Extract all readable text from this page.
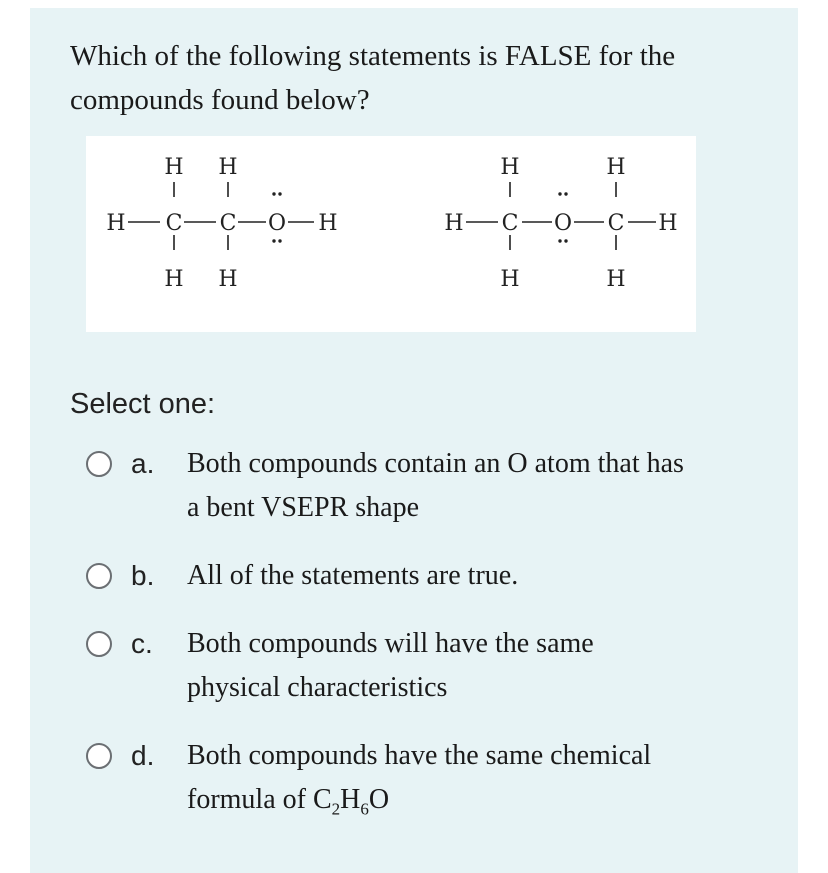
Which of the following statements is FALSE for the
compounds found below?
H H
H C C O H
H H
H	H
H C O C H
H	H
Select one:
a. Both compounds contain an O atom that has
a bent VSEPR shape
b. All of the statements are true.
c. Both compounds will have the same
physical characteristics
d. Both compounds have the same chemical
formula of $C_2H_6O$
